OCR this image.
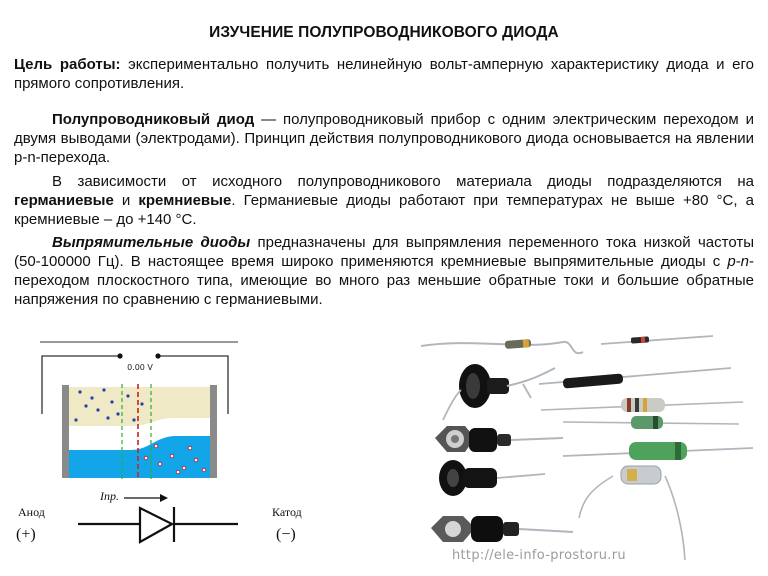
ИЗУЧЕНИЕ ПОЛУПРОВОДНИКОВОГО ДИОДА
Цель работы: экспериментально получить нелинейную вольт-амперную характеристику диода и его прямого сопротивления.
Полупроводниковый диод — полупроводниковый прибор с одним электрическим переходом и двумя выводами (электродами). Принцип действия полупроводникового диода основывается на явлении p-n-перехода.
В зависимости от исходного полупроводникового материала диоды подразделяются на германиевые и кремниевые. Германиевые диоды работают при температурах не выше +80 °С, а кремниевые – до +140 °С.
Выпрямительные диоды предназначены для выпрямления переменного тока низкой частоты (50-100000 Гц). В настоящее время широко применяются кремниевые выпрямительные диоды с p-n-переходом плоскостного типа, имеющие во много раз меньшие обратные токи и большие обратные напряжения по сравнению с германиевыми.
0.00 V
Iпр.
Анод
(+)
Катод
(−)
http://ele-info-prostoru.ru
